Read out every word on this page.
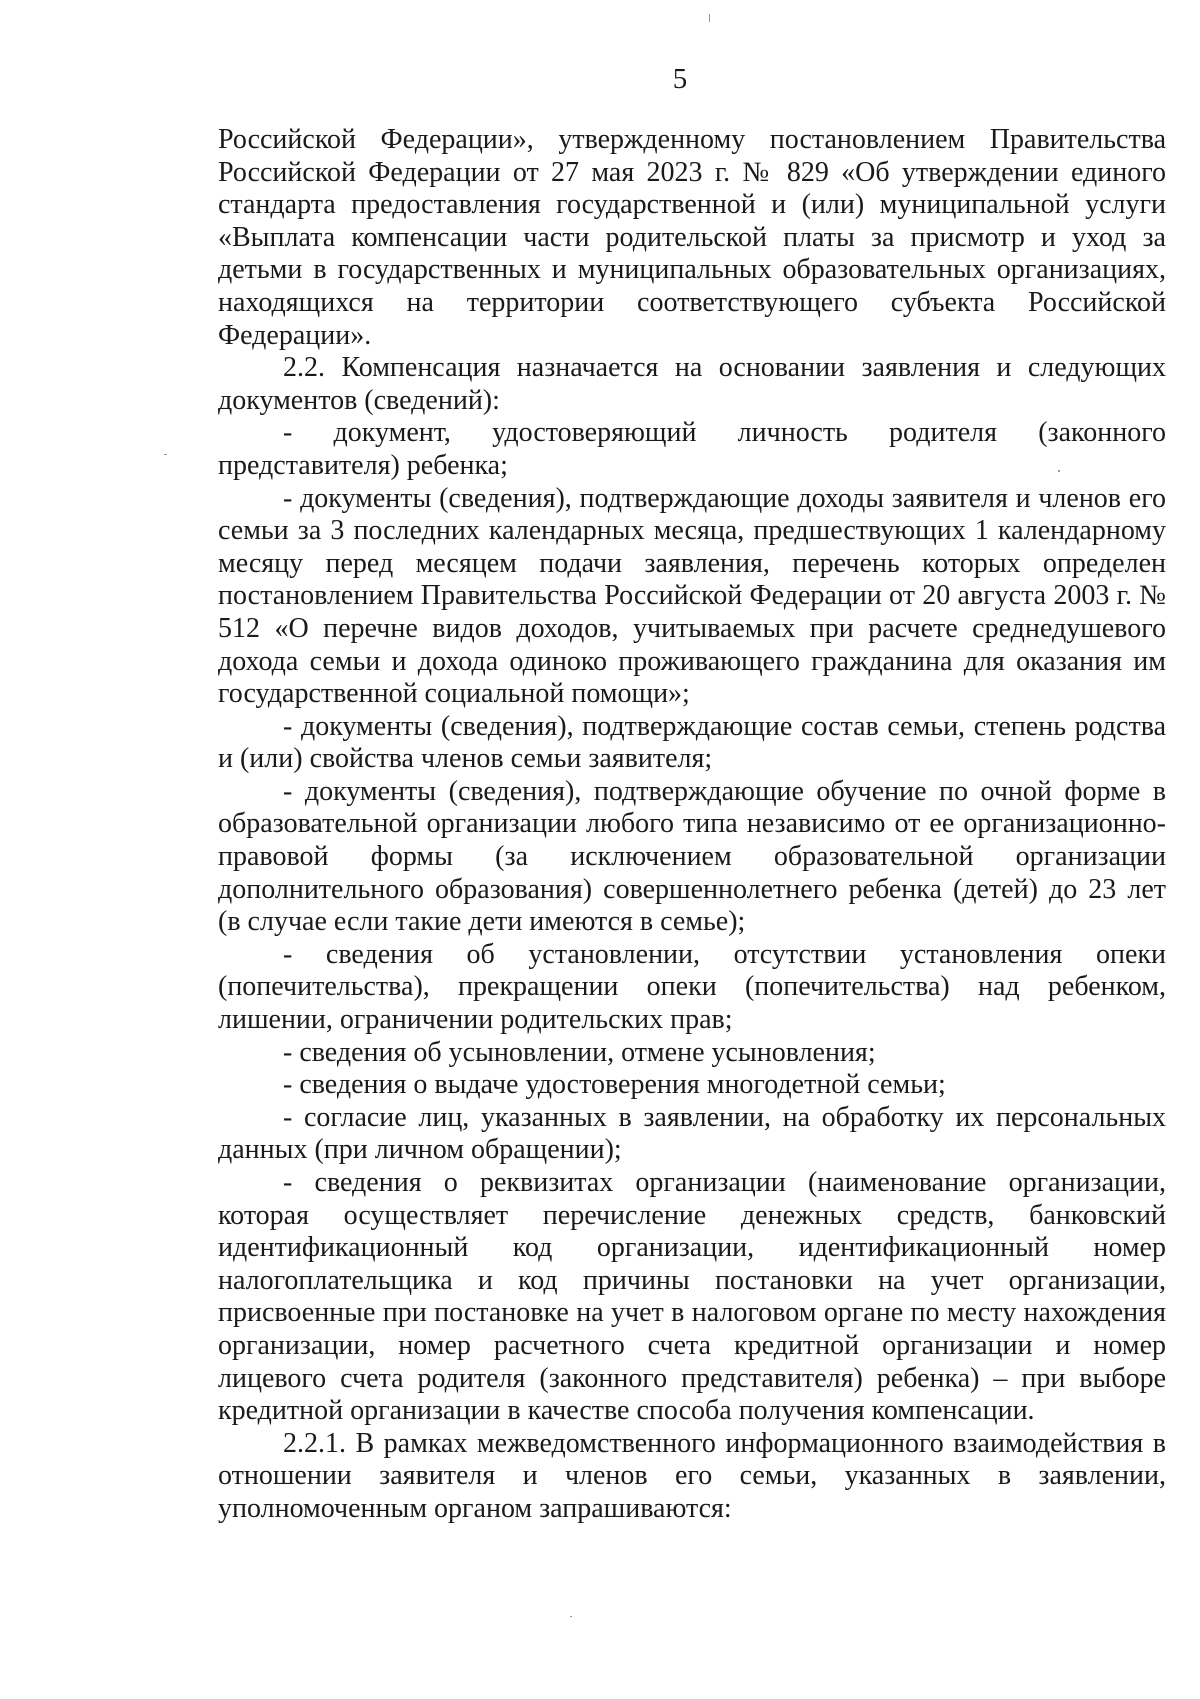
5

Российской Федерации», утвержденному постановлением Правительства Российской Федерации от 27 мая 2023 г. № 829 «Об утверждении единого стандарта предоставления государственной и (или) муниципальной услуги «Выплата компенсации части родительской платы за присмотр и уход за детьми в государственных и муниципальных образовательных организациях, находящихся на территории соответствующего субъекта Российской Федерации».

2.2. Компенсация назначается на основании заявления и следующих документов (сведений):

- документ, удостоверяющий личность родителя (законного представителя) ребенка;

- документы (сведения), подтверждающие доходы заявителя и членов его семьи за 3 последних календарных месяца, предшествующих 1 календарному месяцу перед месяцем подачи заявления, перечень которых определен постановлением Правительства Российской Федерации от 20 августа 2003 г. № 512 «О перечне видов доходов, учитываемых при расчете среднедушевого дохода семьи и дохода одиноко проживающего гражданина для оказания им государственной социальной помощи»;

- документы (сведения), подтверждающие состав семьи, степень родства и (или) свойства членов семьи заявителя;

- документы (сведения), подтверждающие обучение по очной форме в образовательной организации любого типа независимо от ее организационно-правовой формы (за исключением образовательной организации дополнительного образования) совершеннолетнего ребенка (детей) до 23 лет (в случае если такие дети имеются в семье);

- сведения об установлении, отсутствии установления опеки (попечительства), прекращении опеки (попечительства) над ребенком, лишении, ограничении родительских прав;

- сведения об усыновлении, отмене усыновления;

- сведения о выдаче удостоверения многодетной семьи;

- согласие лиц, указанных в заявлении, на обработку их персональных данных (при личном обращении);

- сведения о реквизитах организации (наименование организации, которая осуществляет перечисление денежных средств, банковский идентификационный код организации, идентификационный номер налогоплательщика и код причины постановки на учет организации, присвоенные при постановке на учет в налоговом органе по месту нахождения организации, номер расчетного счета кредитной организации и номер лицевого счета родителя (законного представителя) ребенка) – при выборе кредитной организации в качестве способа получения компенсации.

2.2.1. В рамках межведомственного информационного взаимодействия в отношении заявителя и членов его семьи, указанных в заявлении, уполномоченным органом запрашиваются:
